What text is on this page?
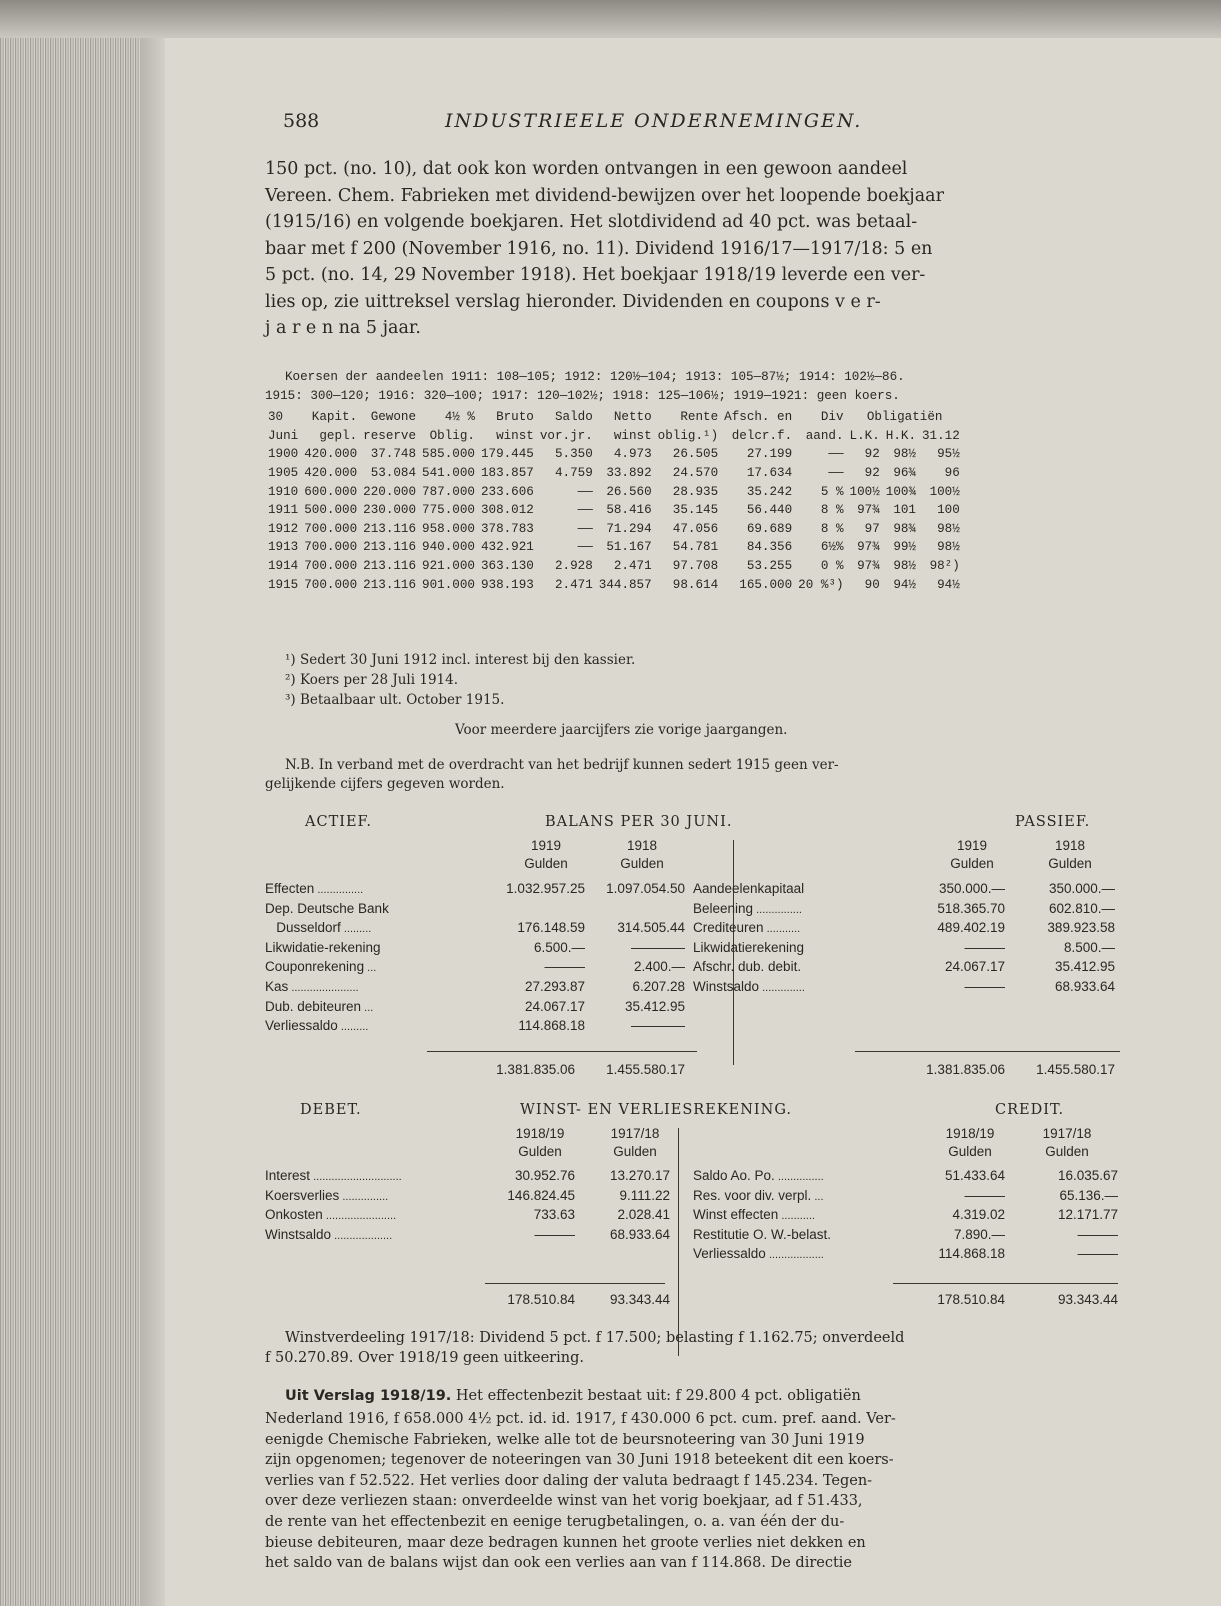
588	INDUSTRIEELE ONDERNEMINGEN.
150 pct. (no. 10), dat ook kon worden ontvangen in een gewoon aandeel
Vereen. Chem. Fabrieken met dividend-bewijzen over het loopende boekjaar
(1915/16) en volgende boekjaren. Het slotdividend ad 40 pct. was betaal-
baar met f 200 (November 1916, no. 11). Dividend 1916/17—1917/18: 5 en
5 pct. (no. 14, 29 November 1918). Het boekjaar 1918/19 leverde een ver-
lies op, zie uittreksel verslag hieronder. Dividenden en coupons v e r-
j a r e n na 5 jaar.
Koersen der aandeelen 1911: 108—105; 1912: 120½—104; 1913: 105—87½; 1914: 102½—86.
1915: 300—120; 1916: 320—100; 1917: 120—102½; 1918: 125—106½; 1919—1921: geen koers.
30	Kapit.	Gewone	4½ %	Bruto	Saldo	Netto	Rente	Afsch. en	Div	Obligatiën		
Juni	gepl.	reserve	Oblig.	winst	vor.jr.	winst	oblig.¹)	delcr.f.	aand.	L.K.	H.K.	31.12
1900	420.000	37.748	585.000	179.445	5.350	4.973	26.505	27.199	——	92	98½	95½
1905	420.000	53.084	541.000	183.857	4.759	33.892	24.570	17.634	——	92	96¾	96
1910	600.000	220.000	787.000	233.606	——	26.560	28.935	35.242	5 %	100½	100¾	100½
1911	500.000	230.000	775.000	308.012	——	58.416	35.145	56.440	8 %	97¾	101	100
1912	700.000	213.116	958.000	378.783	——	71.294	47.056	69.689	8 %	97	98¾	98½
1913	700.000	213.116	940.000	432.921	——	51.167	54.781	84.356	6½%	97¾	99½	98½
1914	700.000	213.116	921.000	363.130	2.928	2.471	97.708	53.255	0 %	97¾	98½	98²)
1915	700.000	213.116	901.000	938.193	2.471	344.857	98.614	165.000	20 %³)	90	94½	94½
¹) Sedert 30 Juni 1912 incl. interest bij den kassier.
²) Koers per 28 Juli 1914.
³) Betaalbaar ult. October 1915.
Voor meerdere jaarcijfers zie vorige jaargangen.
N.B. In verband met de overdracht van het bedrijf kunnen sedert 1915 geen ver-
gelijkende cijfers gegeven worden.
ACTIEF.	BALANS PER 30 JUNI.	PASSIEF.
1919	1918
Gulden	Gulden
1919	1918
Gulden	Gulden
Effecten ...............	1.032.957.25	1.097.054.50
Dep. Deutsche Bank
Dusseldorf .........	176.148.59	314.505.44
Likwidatie-rekening	6.500.—	————
Couponrekening ...	———	2.400.—
Kas ......................	27.293.87	6.207.28
Dub. debiteuren ...	24.067.17	35.412.95
Verliessaldo .........	114.868.18	————
Aandeelenkapitaal	350.000.—	350.000.—
Beleening ...............	518.365.70	602.810.—
Crediteuren ...........	489.402.19	389.923.58
Likwidatierekening	———	8.500.—
Afschr. dub. debit.	24.067.17	35.412.95
Winstsaldo ..............	———	68.933.64
1.381.835.06	1.455.580.17	1.381.835.06	1.455.580.17
DEBET.	WINST- EN VERLIESREKENING.	CREDIT.
1918/19	1917/18
Gulden	Gulden
1918/19	1917/18
Gulden	Gulden
Interest .............................	30.952.76	13.270.17
Koersverlies ...............	146.824.45	9.111.22
Onkosten .......................	733.63	2.028.41
Winstsaldo ...................	———	68.933.64
Saldo Ao. Po. ...............	51.433.64	16.035.67
Res. voor div. verpl. ...	———	65.136.—
Winst effecten ...........	4.319.02	12.171.77
Restitutie O. W.-belast.	7.890.—	———
Verliessaldo ..................	114.868.18	———
178.510.84	93.343.44	178.510.84	93.343.44
Winstverdeeling 1917/18: Dividend 5 pct. f 17.500; belasting f 1.162.75; onverdeeld
f 50.270.89. Over 1918/19 geen uitkeering.
Uit Verslag 1918/19. Het effectenbezit bestaat uit: f 29.800 4 pct. obligatiën
Nederland 1916, f 658.000 4½ pct. id. id. 1917, f 430.000 6 pct. cum. pref. aand. Ver-
eenigde Chemische Fabrieken, welke alle tot de beursnoteering van 30 Juni 1919
zijn opgenomen; tegenover de noteeringen van 30 Juni 1918 beteekent dit een koers-
verlies van f 52.522. Het verlies door daling der valuta bedraagt f 145.234. Tegen-
over deze verliezen staan: onverdeelde winst van het vorig boekjaar, ad f 51.433,
de rente van het effectenbezit en eenige terugbetalingen, o. a. van één der du-
bieuse debiteuren, maar deze bedragen kunnen het groote verlies niet dekken en
het saldo van de balans wijst dan ook een verlies aan van f 114.868. De directie
